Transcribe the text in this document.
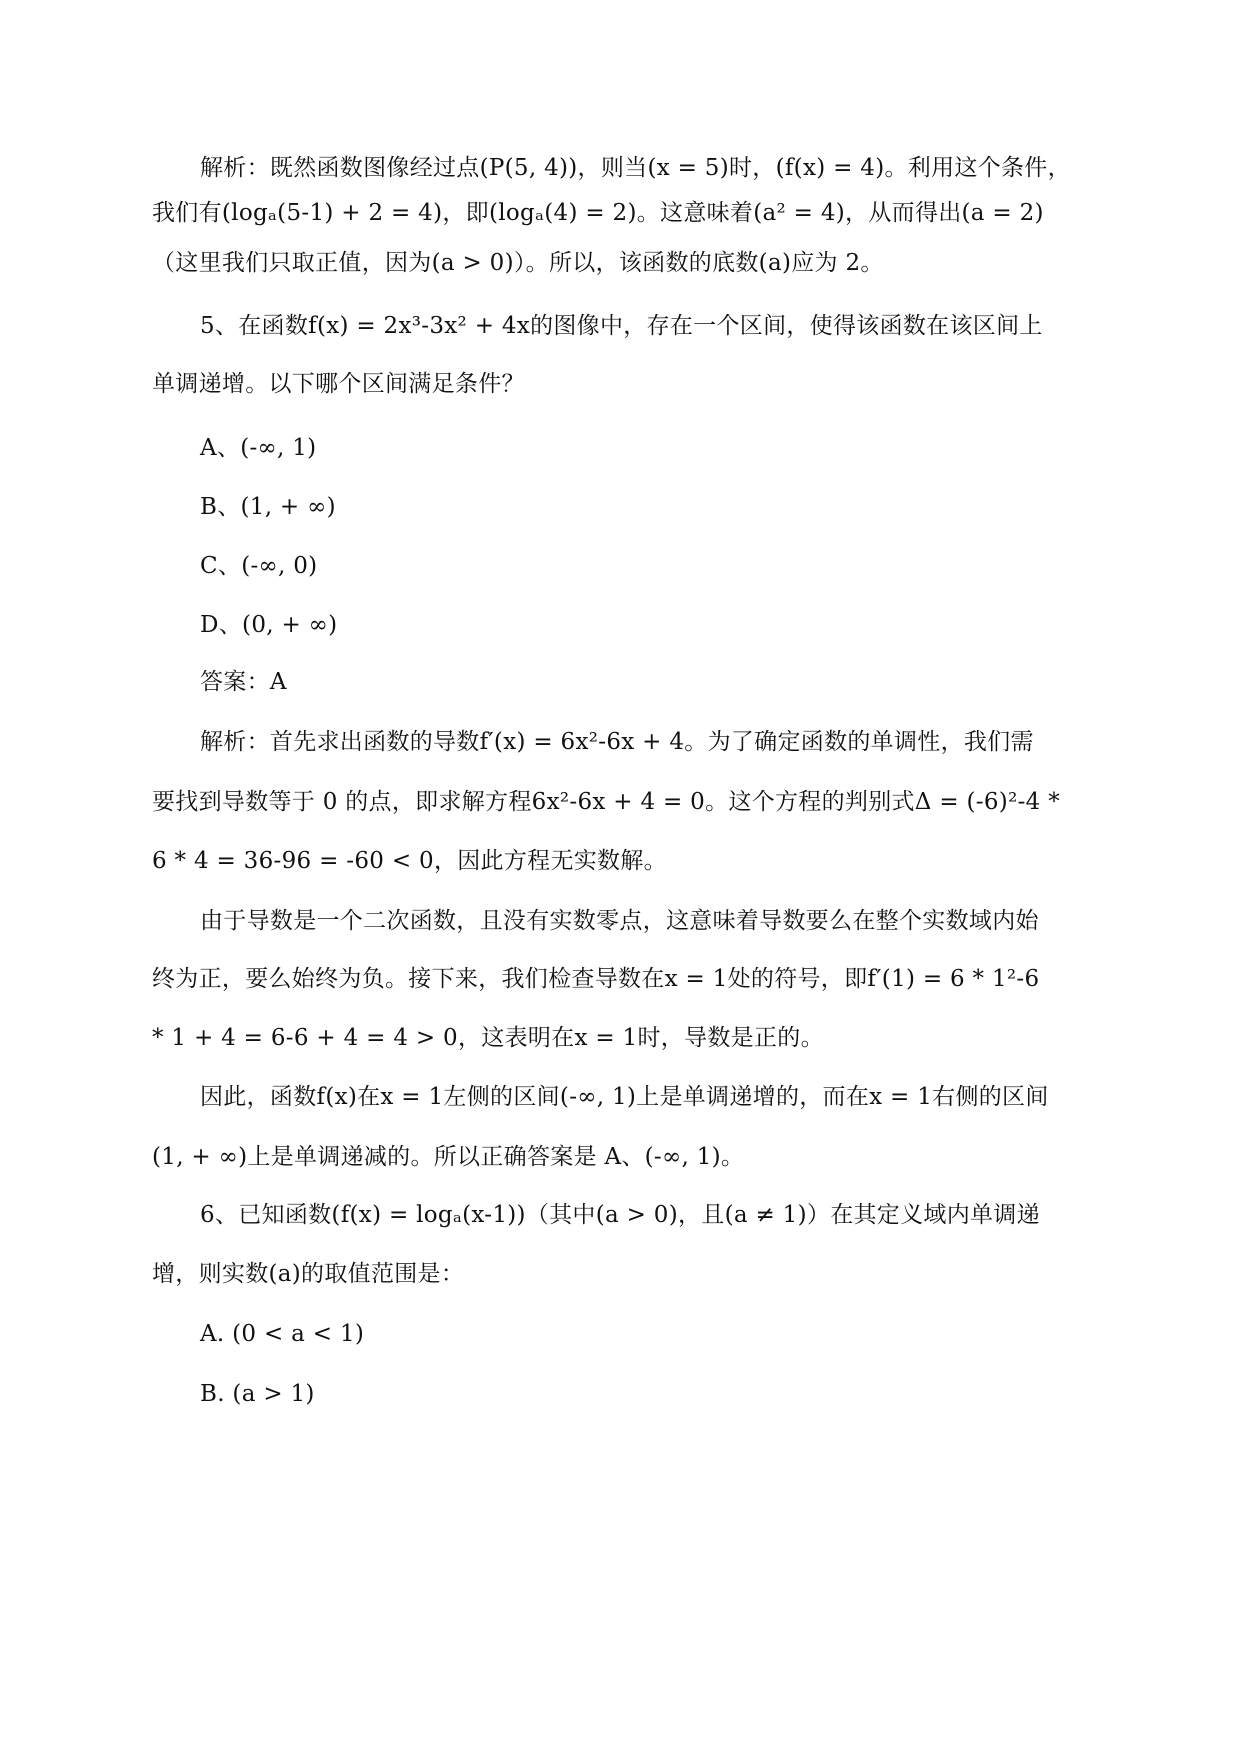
解析：既然函数图像经过点(P(5, 4))，则当(x = 5)时，(f(x) = 4)。利用这个条件，
我们有(logₐ(5-1) + 2 = 4)，即(logₐ(4) = 2)。这意味着(a² = 4)，从而得出(a = 2)
（这里我们只取正值，因为(a > 0)）。所以，该函数的底数(a)应为 2。
5、在函数f(x) = 2x³-3x² + 4x的图像中，存在一个区间，使得该函数在该区间上
单调递增。以下哪个区间满足条件？
A、(-∞, 1)
B、(1, + ∞)
C、(-∞, 0)
D、(0, + ∞)
答案：A
解析：首先求出函数的导数f′(x) = 6x²-6x + 4。为了确定函数的单调性，我们需
要找到导数等于 0 的点，即求解方程6x²-6x + 4 = 0。这个方程的判别式Δ = (-6)²-4 *
6 * 4 = 36-96 = -60 < 0，因此方程无实数解。
由于导数是一个二次函数，且没有实数零点，这意味着导数要么在整个实数域内始
终为正，要么始终为负。接下来，我们检查导数在x = 1处的符号，即f′(1) = 6 * 1²-6
* 1 + 4 = 6-6 + 4 = 4 > 0，这表明在x = 1时，导数是正的。
因此，函数f(x)在x = 1左侧的区间(-∞, 1)上是单调递增的，而在x = 1右侧的区间
(1, + ∞)上是单调递减的。所以正确答案是 A、(-∞, 1)。
6、已知函数(f(x) = logₐ(x-1))（其中(a > 0)，且(a ≠ 1)）在其定义域内单调递
增，则实数(a)的取值范围是：
A. (0 < a < 1)
B. (a > 1)
